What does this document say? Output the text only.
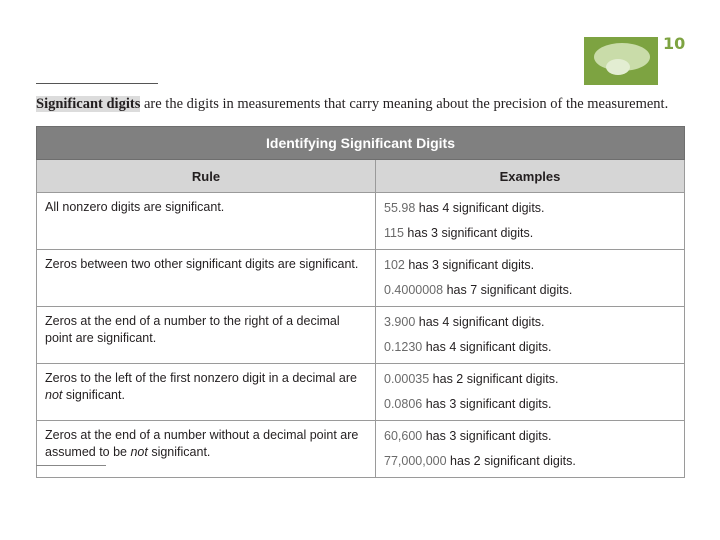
10
Significant digits are the digits in measurements that carry meaning about the precision of the measurement.
Identifying Significant Digits	
Rule	Examples
All nonzero digits are significant.	55.98 has 4 significant digits.
115 has 3 significant digits.

Zeros between two other significant digits are significant.	102 has 3 significant digits.
0.4000008 has 7 significant digits.

Zeros at the end of a number to the right of a decimal point are significant.	3.900 has 4 significant digits.
0.1230 has 4 significant digits.

Zeros to the left of the first nonzero digit in a decimal are not significant.	0.00035 has 2 significant digits.
0.0806 has 3 significant digits.

Zeros at the end of a number without a decimal point are assumed to be not significant.	60,600 has 3 significant digits.
77,000,000 has 2 significant digits.
